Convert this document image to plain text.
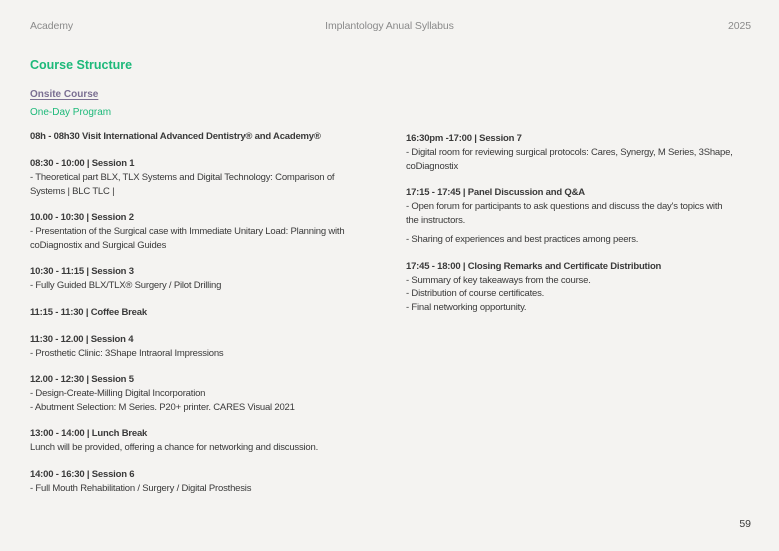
Academy	Implantology Anual Syllabus	2025
Course Structure
Onsite Course
One-Day Program
08h - 08h30 Visit International Advanced Dentistry® and Academy®
08:30 - 10:00 | Session 1
- Theoretical part BLX, TLX Systems and Digital Technology: Comparison of
Systems | BLC TLC |
10.00 - 10:30 | Session 2
- Presentation of the Surgical case with Immediate Unitary Load: Planning with
coDiagnostix and Surgical Guides
10:30 - 11:15 | Session 3
- Fully Guided BLX/TLX® Surgery / Pilot Drilling
11:15 - 11:30 | Coffee Break
11:30 - 12.00 | Session 4
- Prosthetic Clinic: 3Shape Intraoral Impressions
12.00 - 12:30 | Session 5
- Design-Create-Milling Digital Incorporation
- Abutment Selection: M Series. P20+ printer. CARES Visual 2021
13:00 - 14:00 | Lunch Break
Lunch will be provided, offering a chance for networking and discussion.
14:00 - 16:30 | Session 6
- Full Mouth Rehabilitation / Surgery / Digital Prosthesis
16:30pm -17:00 | Session 7
- Digital room for reviewing surgical protocols: Cares, Synergy, M Series, 3Shape,
coDiagnostix
17:15 - 17:45 | Panel Discussion and Q&A
- Open forum for participants to ask questions and discuss the day's topics with
the instructors.
- Sharing of experiences and best practices among peers.
17:45 - 18:00 | Closing Remarks and Certificate Distribution
- Summary of key takeaways from the course.
- Distribution of course certificates.
- Final networking opportunity.
59
